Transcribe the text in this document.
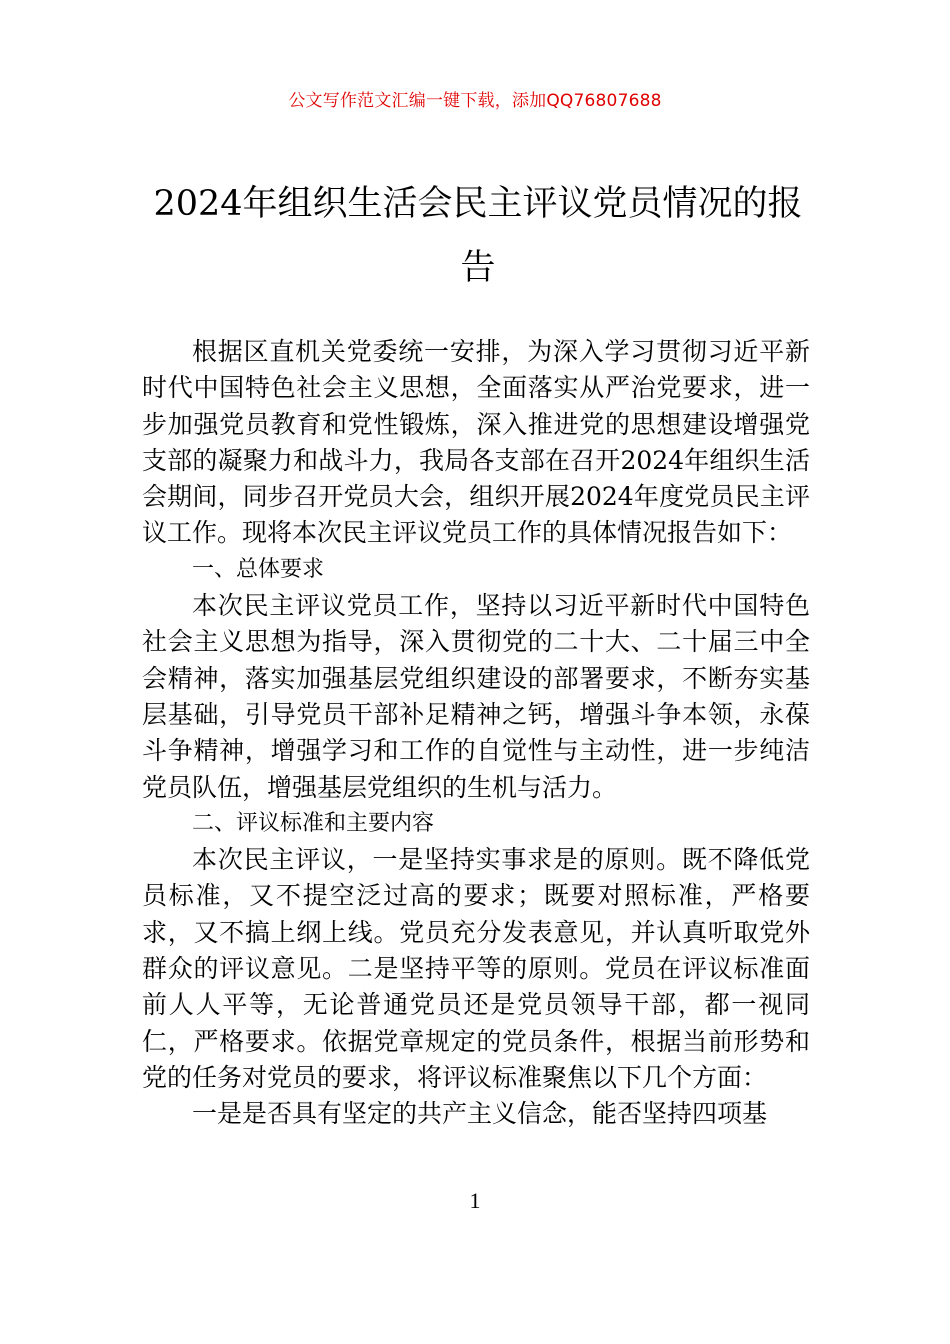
公文写作范文汇编一键下载，添加QQ76807688
2024年组织生活会民主评议党员情况的报告

根据区直机关党委统一安排，为深入学习贯彻习近平新时代中国特色社会主义思想，全面落实从严治党要求，进一步加强党员教育和党性锻炼，深入推进党的思想建设增强党支部的凝聚力和战斗力，我局各支部在召开2024年组织生活会期间，同步召开党员大会，组织开展2024年度党员民主评议工作。现将本次民主评议党员工作的具体情况报告如下：

一、总体要求

本次民主评议党员工作，坚持以习近平新时代中国特色社会主义思想为指导，深入贯彻党的二十大、二十届三中全会精神，落实加强基层党组织建设的部署要求，不断夯实基层基础，引导党员干部补足精神之钙，增强斗争本领，永葆斗争精神，增强学习和工作的自觉性与主动性，进一步纯洁党员队伍，增强基层党组织的生机与活力。

二、评议标准和主要内容

本次民主评议，一是坚持实事求是的原则。既不降低党员标准，又不提空泛过高的要求；既要对照标准，严格要求，又不搞上纲上线。党员充分发表意见，并认真听取党外群众的评议意见。二是坚持平等的原则。党员在评议标准面前人人平等，无论普通党员还是党员领导干部，都一视同仁，严格要求。依据党章规定的党员条件，根据当前形势和党的任务对党员的要求，将评议标准聚焦以下几个方面：

一是是否具有坚定的共产主义信念，能否坚持四项基

1
